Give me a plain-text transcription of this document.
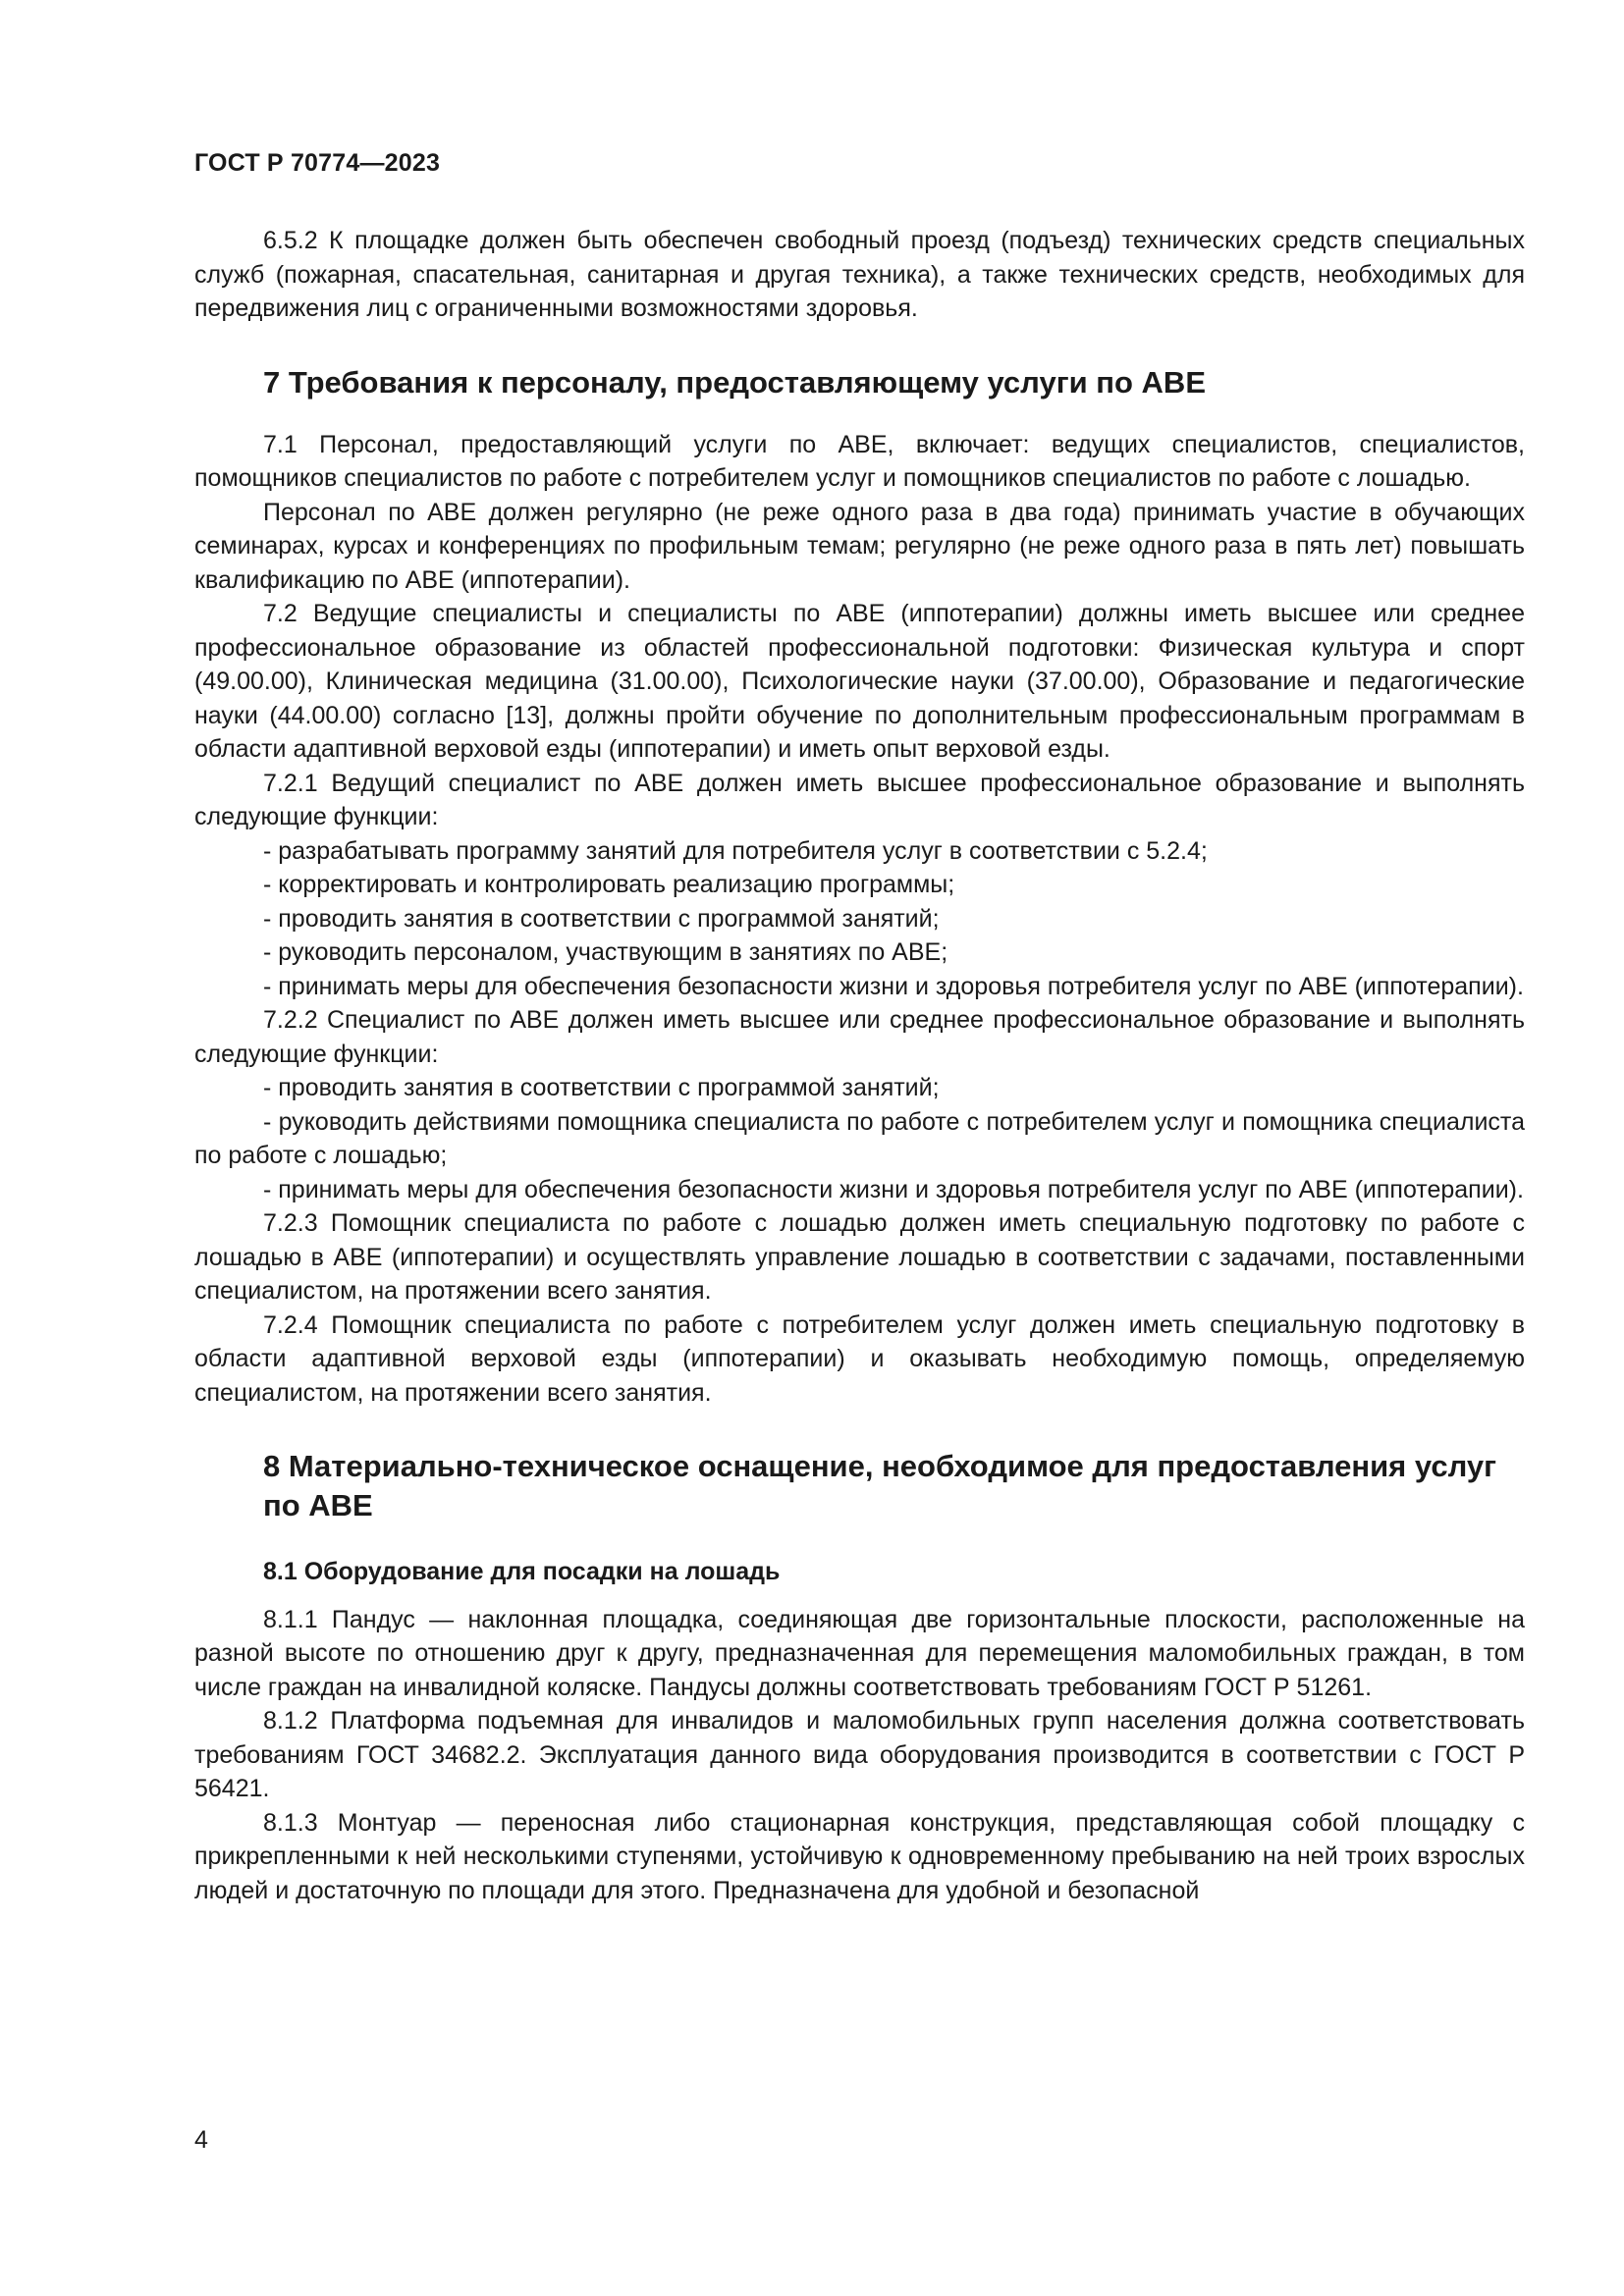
ГОСТ Р 70774—2023

6.5.2 К площадке должен быть обеспечен свободный проезд (подъезд) технических средств специальных служб (пожарная, спасательная, санитарная и другая техника), а также технических средств, необходимых для передвижения лиц с ограниченными возможностями здоровья.

7 Требования к персоналу, предоставляющему услуги по АВЕ

7.1 Персонал, предоставляющий услуги по АВЕ, включает: ведущих специалистов, специалистов, помощников специалистов по работе с потребителем услуг и помощников специалистов по работе с лошадью.

Персонал по АВЕ должен регулярно (не реже одного раза в два года) принимать участие в обучающих семинарах, курсах и конференциях по профильным темам; регулярно (не реже одного раза в пять лет) повышать квалификацию по АВЕ (иппотерапии).

7.2 Ведущие специалисты и специалисты по АВЕ (иппотерапии) должны иметь высшее или среднее профессиональное образование из областей профессиональной подготовки: Физическая культура и спорт (49.00.00), Клиническая медицина (31.00.00), Психологические науки (37.00.00), Образование и педагогические науки (44.00.00) согласно [13], должны пройти обучение по дополнительным профессиональным программам в области адаптивной верховой езды (иппотерапии) и иметь опыт верховой езды.

7.2.1 Ведущий специалист по АВЕ должен иметь высшее профессиональное образование и выполнять следующие функции:

- разрабатывать программу занятий для потребителя услуг в соответствии с 5.2.4;

- корректировать и контролировать реализацию программы;

- проводить занятия в соответствии с программой занятий;

- руководить персоналом, участвующим в занятиях по АВЕ;

- принимать меры для обеспечения безопасности жизни и здоровья потребителя услуг по АВЕ (иппотерапии).

7.2.2 Специалист по АВЕ должен иметь высшее или среднее профессиональное образование и выполнять следующие функции:

- проводить занятия в соответствии с программой занятий;

- руководить действиями помощника специалиста по работе с потребителем услуг и помощника специалиста по работе с лошадью;

- принимать меры для обеспечения безопасности жизни и здоровья потребителя услуг по АВЕ (иппотерапии).

7.2.3 Помощник специалиста по работе с лошадью должен иметь специальную подготовку по работе с лошадью в АВЕ (иппотерапии) и осуществлять управление лошадью в соответствии с задачами, поставленными специалистом, на протяжении всего занятия.

7.2.4 Помощник специалиста по работе с потребителем услуг должен иметь специальную подготовку в области адаптивной верховой езды (иппотерапии) и оказывать необходимую помощь, определяемую специалистом, на протяжении всего занятия.

8 Материально-техническое оснащение, необходимое для предоставления услуг по АВЕ
8.1 Оборудование для посадки на лошадь

8.1.1 Пандус — наклонная площадка, соединяющая две горизонтальные плоскости, расположенные на разной высоте по отношению друг к другу, предназначенная для перемещения маломобильных граждан, в том числе граждан на инвалидной коляске. Пандусы должны соответствовать требованиям ГОСТ Р 51261.

8.1.2 Платформа подъемная для инвалидов и маломобильных групп населения должна соответствовать требованиям ГОСТ 34682.2. Эксплуатация данного вида оборудования производится в соответствии с ГОСТ Р 56421.

8.1.3 Монтуар — переносная либо стационарная конструкция, представляющая собой площадку с прикрепленными к ней несколькими ступенями, устойчивую к одновременному пребыванию на ней троих взрослых людей и достаточную по площади для этого. Предназначена для удобной и безопасной

4
